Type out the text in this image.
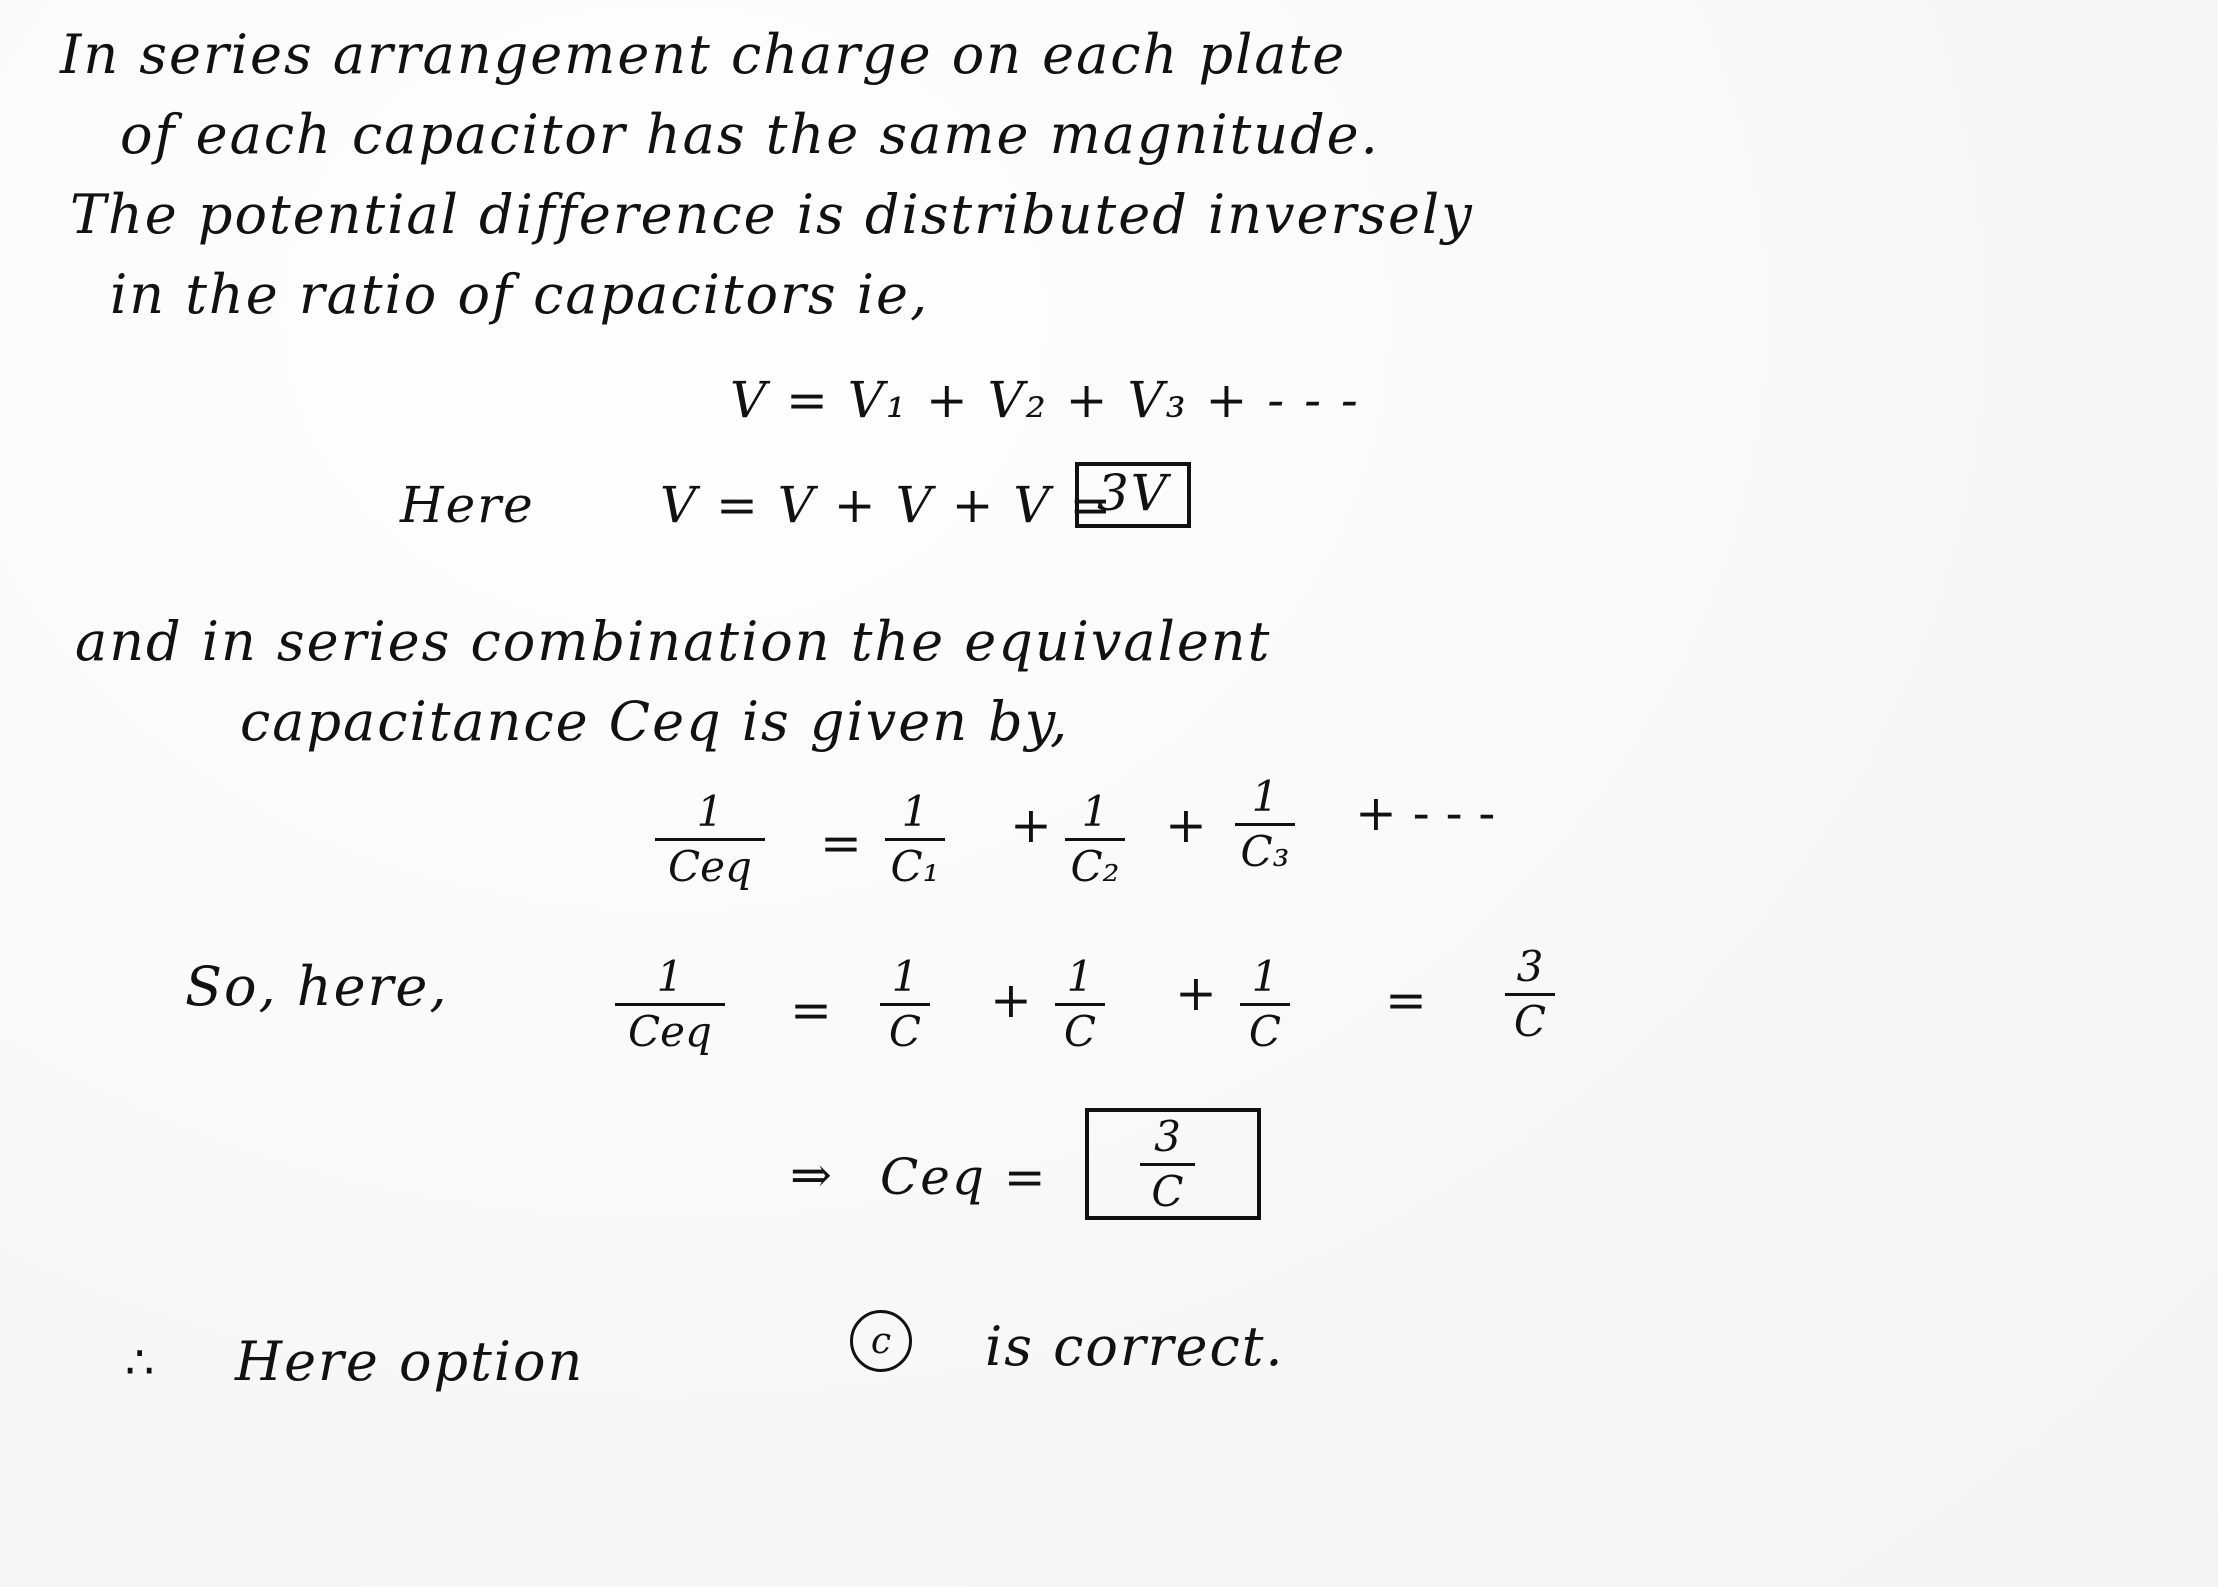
In series arrangement charge on each plate
of each capacitor has the same magnitude.
The potential difference is distributed inversely
in the ratio of capacitors ie,
V = V₁ + V₂ + V₃ + - - -
Here	V = V + V + V =
3V
and in series combination the equivalent
capacitance Ceq is given by,
1
Ceq =
1
C₁
+ 1
C₂
+ 1
C₃
+ - - -
So, here,	1
Ceq =
1
C
+ 1
C
+ 1
C
=
3
C
⇒ Ceq =
3
C
∴ Here option	c is correct.
